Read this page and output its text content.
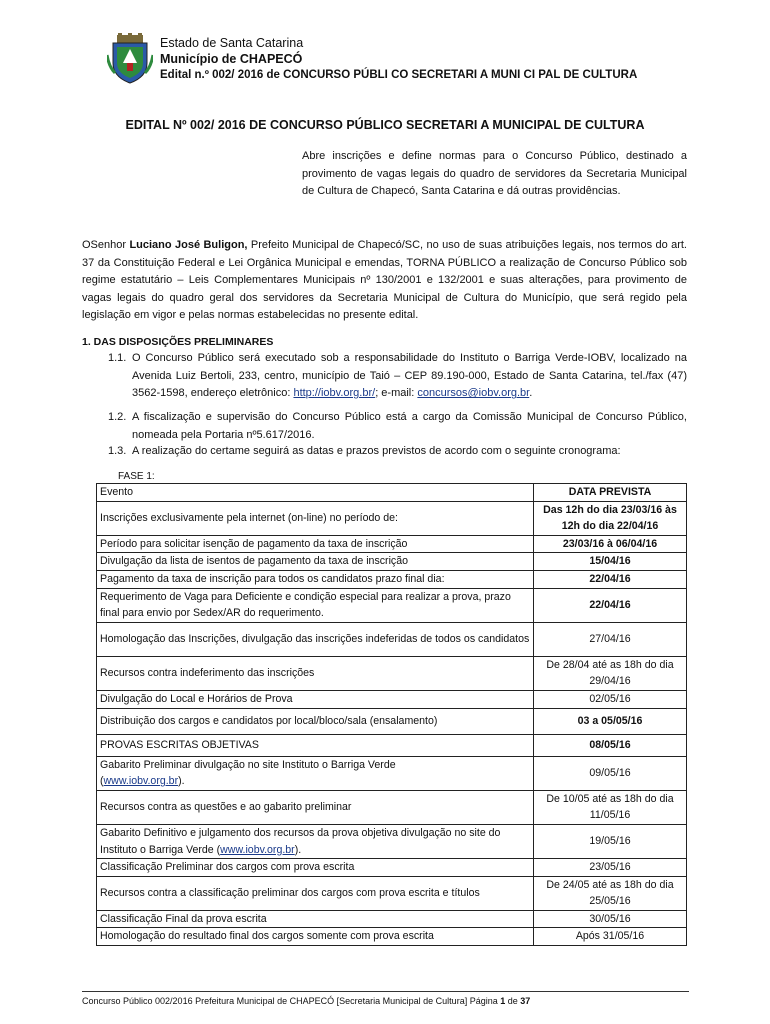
Estado de Santa Catarina
Município de CHAPECÓ
Edital n.º 002/ 2016 de CONCURSO PÚBLI CO SECRETARI A MUNI CI PAL DE CULTURA
EDITAL Nº 002/ 2016 DE CONCURSO PÚBLICO SECRETARI A MUNICIPAL DE CULTURA
Abre inscrições e define normas para o Concurso Público, destinado a provimento de vagas legais do quadro de servidores da Secretaria Municipal de Cultura de Chapecó, Santa Catarina e dá outras providências.
OSenhor Luciano José Buligon, Prefeito Municipal de Chapecó/SC, no uso de suas atribuições legais, nos termos do art. 37 da Constituição Federal e Lei Orgânica Municipal e emendas, TORNA PÚBLICO a realização de Concurso Público sob regime estatutário – Leis Complementares Municipais nº 130/2001 e 132/2001 e suas alterações, para provimento de vagas legais do quadro geral dos servidores da Secretaria Municipal de Cultura do Município, que será regido pela legislação em vigor e pelas normas estabelecidas no presente edital.
1. DAS DISPOSIÇÕES PRELIMINARES
1.1. O Concurso Público será executado sob a responsabilidade do Instituto o Barriga Verde-IOBV, localizado na Avenida Luiz Bertoli, 233, centro, município de Taió – CEP 89.190-000, Estado de Santa Catarina, tel./fax (47) 3562-1598, endereço eletrônico: http://iobv.org.br/; e-mail: concursos@iobv.org.br.
1.2. A fiscalização e supervisão do Concurso Público está a cargo da Comissão Municipal de Concurso Público, nomeada pela Portaria nº5.617/2016.
1.3. A realização do certame seguirá as datas e prazos previstos de acordo com o seguinte cronograma:
FASE 1:
Evento	DATA PREVISTA
Inscrições exclusivamente pela internet (on-line) no período de:	Das 12h do dia 23/03/16 às 12h do dia 22/04/16
Período para solicitar isenção de pagamento da taxa de inscrição	23/03/16 à 06/04/16
Divulgação da lista de isentos de pagamento da taxa de inscrição	15/04/16
Pagamento da taxa de inscrição para todos os candidatos prazo final dia:	22/04/16
Requerimento de Vaga para Deficiente e condição especial para realizar a prova, prazo final para envio por Sedex/AR do requerimento.	22/04/16
Homologação das Inscrições, divulgação das inscrições indeferidas de todos os candidatos	27/04/16
Recursos contra indeferimento das inscrições	De 28/04 até as 18h do dia 29/04/16
Divulgação do Local e Horários de Prova	02/05/16
Distribuição dos cargos e candidatos por local/bloco/sala (ensalamento)	03 a 05/05/16
PROVAS ESCRITAS OBJETIVAS	08/05/16
Gabarito Preliminar divulgação no site Instituto o Barriga Verde
(www.iobv.org.br).	09/05/16
Recursos contra as questões e ao gabarito preliminar	De 10/05 até as 18h do dia 11/05/16
Gabarito Definitivo e julgamento dos recursos da prova objetiva divulgação no site do Instituto o Barriga Verde (www.iobv.org.br).	19/05/16
Classificação Preliminar dos cargos com prova escrita	23/05/16
Recursos contra a classificação preliminar dos cargos com prova escrita e títulos	De 24/05 até as 18h do dia 25/05/16
Classificação Final da prova escrita	30/05/16
Homologação do resultado final dos cargos somente com prova escrita	Após 31/05/16
Concurso Público 002/2016 Prefeitura Municipal de CHAPECÓ [Secretaria Municipal de Cultura] Página 1 de 37
